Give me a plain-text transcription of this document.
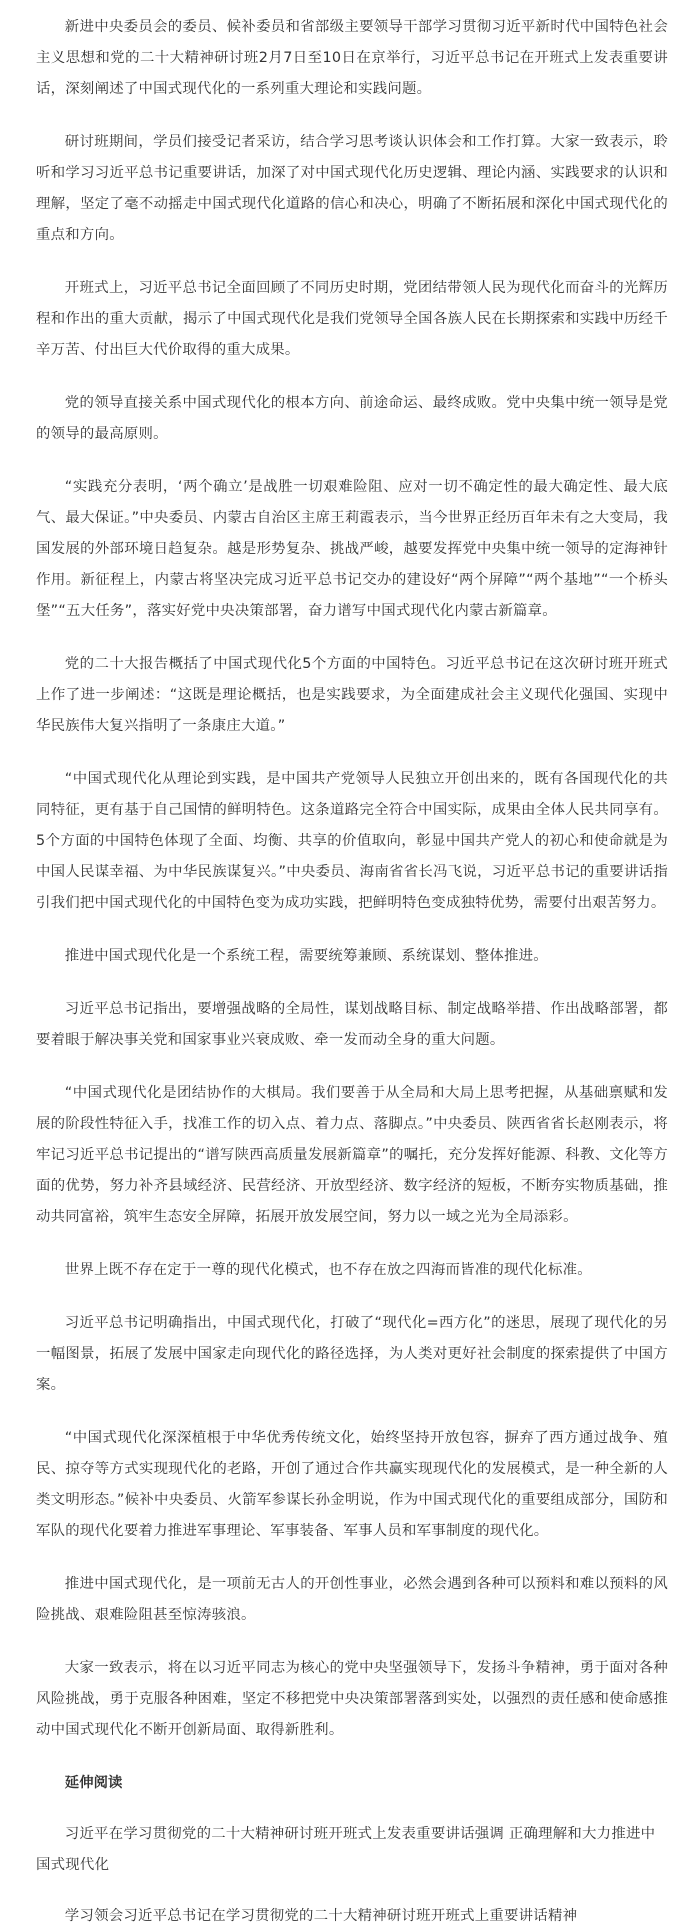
新进中央委员会的委员、候补委员和省部级主要领导干部学习贯彻习近平新时代中国特色社会主义思想和党的二十大精神研讨班2月7日至10日在京举行，习近平总书记在开班式上发表重要讲话，深刻阐述了中国式现代化的一系列重大理论和实践问题。

研讨班期间，学员们接受记者采访，结合学习思考谈认识体会和工作打算。大家一致表示，聆听和学习习近平总书记重要讲话，加深了对中国式现代化历史逻辑、理论内涵、实践要求的认识和理解，坚定了毫不动摇走中国式现代化道路的信心和决心，明确了不断拓展和深化中国式现代化的重点和方向。

开班式上，习近平总书记全面回顾了不同历史时期，党团结带领人民为现代化而奋斗的光辉历程和作出的重大贡献，揭示了中国式现代化是我们党领导全国各族人民在长期探索和实践中历经千辛万苦、付出巨大代价取得的重大成果。

党的领导直接关系中国式现代化的根本方向、前途命运、最终成败。党中央集中统一领导是党的领导的最高原则。

“实践充分表明，‘两个确立’是战胜一切艰难险阻、应对一切不确定性的最大确定性、最大底气、最大保证。”中央委员、内蒙古自治区主席王莉霞表示，当今世界正经历百年未有之大变局，我国发展的外部环境日趋复杂。越是形势复杂、挑战严峻，越要发挥党中央集中统一领导的定海神针作用。新征程上，内蒙古将坚决完成习近平总书记交办的建设好“两个屏障”“两个基地”“一个桥头堡”“五大任务”，落实好党中央决策部署，奋力谱写中国式现代化内蒙古新篇章。

党的二十大报告概括了中国式现代化5个方面的中国特色。习近平总书记在这次研讨班开班式上作了进一步阐述：“这既是理论概括，也是实践要求，为全面建成社会主义现代化强国、实现中华民族伟大复兴指明了一条康庄大道。”

“中国式现代化从理论到实践，是中国共产党领导人民独立开创出来的，既有各国现代化的共同特征，更有基于自己国情的鲜明特色。这条道路完全符合中国实际，成果由全体人民共同享有。5个方面的中国特色体现了全面、均衡、共享的价值取向，彰显中国共产党人的初心和使命就是为中国人民谋幸福、为中华民族谋复兴。”中央委员、海南省省长冯飞说，习近平总书记的重要讲话指引我们把中国式现代化的中国特色变为成功实践，把鲜明特色变成独特优势，需要付出艰苦努力。

推进中国式现代化是一个系统工程，需要统筹兼顾、系统谋划、整体推进。

习近平总书记指出，要增强战略的全局性，谋划战略目标、制定战略举措、作出战略部署，都要着眼于解决事关党和国家事业兴衰成败、牵一发而动全身的重大问题。

“中国式现代化是团结协作的大棋局。我们要善于从全局和大局上思考把握，从基础禀赋和发展的阶段性特征入手，找准工作的切入点、着力点、落脚点。”中央委员、陕西省省长赵刚表示，将牢记习近平总书记提出的“谱写陕西高质量发展新篇章”的嘱托，充分发挥好能源、科教、文化等方面的优势，努力补齐县域经济、民营经济、开放型经济、数字经济的短板，不断夯实物质基础，推动共同富裕，筑牢生态安全屏障，拓展开放发展空间，努力以一域之光为全局添彩。

世界上既不存在定于一尊的现代化模式，也不存在放之四海而皆准的现代化标准。

习近平总书记明确指出，中国式现代化，打破了“现代化=西方化”的迷思，展现了现代化的另一幅图景，拓展了发展中国家走向现代化的路径选择，为人类对更好社会制度的探索提供了中国方案。

“中国式现代化深深植根于中华优秀传统文化，始终坚持开放包容，摒弃了西方通过战争、殖民、掠夺等方式实现现代化的老路，开创了通过合作共赢实现现代化的发展模式，是一种全新的人类文明形态。”候补中央委员、火箭军参谋长孙金明说，作为中国式现代化的重要组成部分，国防和军队的现代化要着力推进军事理论、军事装备、军事人员和军事制度的现代化。

推进中国式现代化，是一项前无古人的开创性事业，必然会遇到各种可以预料和难以预料的风险挑战、艰难险阻甚至惊涛骇浪。

大家一致表示，将在以习近平同志为核心的党中央坚强领导下，发扬斗争精神，勇于面对各种风险挑战，勇于克服各种困难，坚定不移把党中央决策部署落到实处，以强烈的责任感和使命感推动中国式现代化不断开创新局面、取得新胜利。

延伸阅读
习近平在学习贯彻党的二十大精神研讨班开班式上发表重要讲话强调 正确理解和大力推进中国式现代化
学习领会习近平总书记在学习贯彻党的二十大精神研讨班开班式上重要讲话精神
